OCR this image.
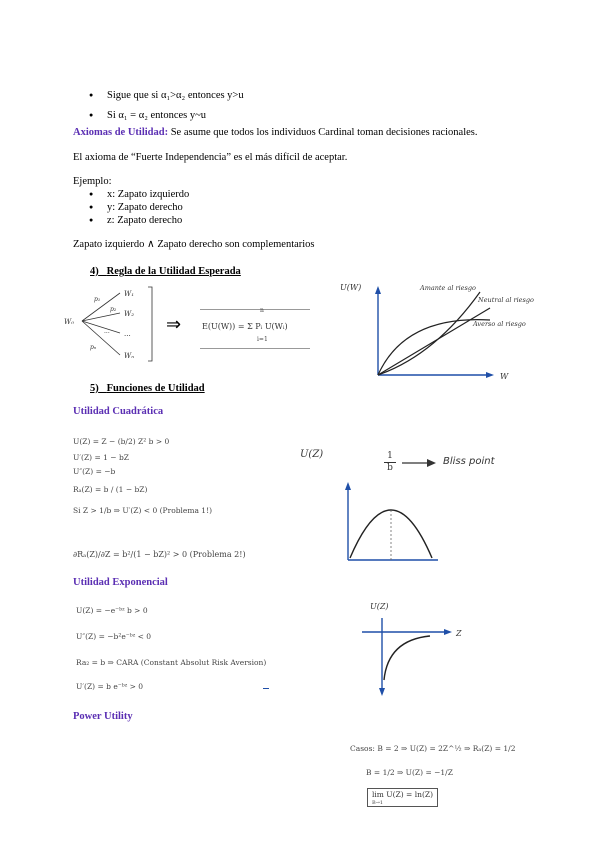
● Sigue que si α₁>α₂ entonces y>u
● Si α₁ = α₂ entonces y~u
Axiomas de Utilidad: Se asume que todos los individuos Cardinal toman decisiones racionales.
El axioma de “Fuerte Independencia” es el más difícil de aceptar.
Ejemplo:
● x: Zapato izquierdo
● y: Zapato derecho
● z: Zapato derecho
Zapato izquierdo ∧ Zapato derecho son complementarios
4) Regla de la Utilidad Esperada
W₀
W₁
W₂
...
Wₙ
p₁
p₂
...
pₙ
⇒
n
E(U(W)) = Σ Pᵢ U(Wᵢ)
i=1
U(W)
W
Amante al riesgo
Neutral al riesgo
Averso al riesgo
5) Funciones de Utilidad
Utilidad Cuadrática
U(Z) = Z − (b/2) Z² b > 0
U′(Z) = 1 − bZ
U″(Z) = −b
Rₐ(Z) = b / (1 − bZ)
Si Z > 1/b ⇒ U′(Z) < 0 (Problema 1!)
∂Rₐ(Z)/∂Z = b²/(1 − bZ)² > 0 (Problema 2!)
U(Z)	$\frac{1}{b}$	Bliss point
Utilidad Exponencial
U(Z) = −e⁻ᵇᶻ b > 0
U″(Z) = −b²e⁻ᵇᶻ < 0
Ra₂ = b ⇒ CARA (Constant Absolut Risk Aversion)
U′(Z) = b e⁻ᵇᶻ > 0
U(Z)
Z
Power Utility
Casos: B = 2 ⇒ U(Z) = 2Z^½ ⇒ Rₐ(Z) = 1/2
B = 1/2 ⇒ U(Z) = −1/Z
lim U(Z) = ln(Z)
B→1
